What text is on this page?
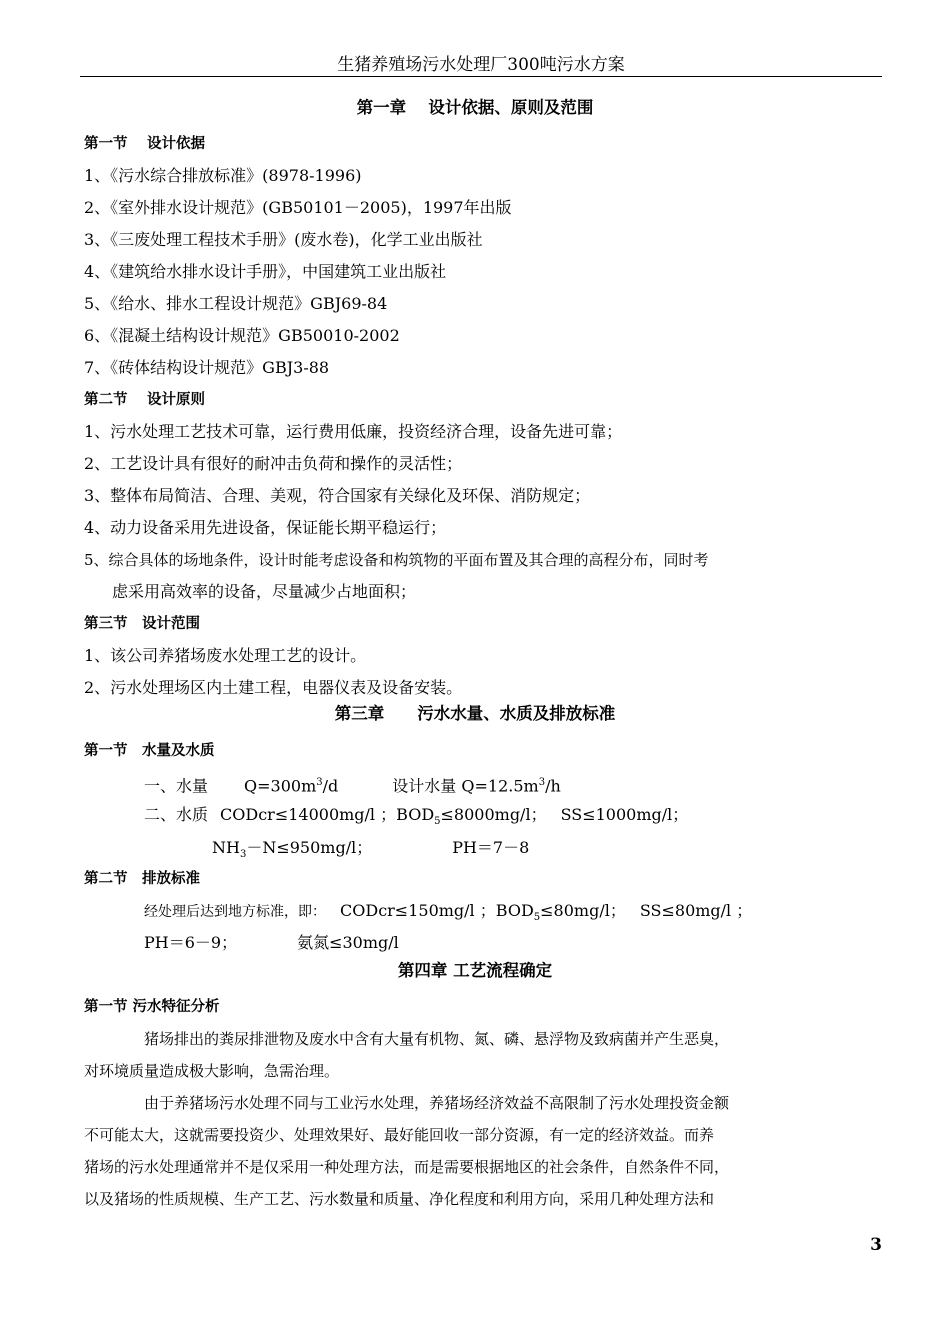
生猪养殖场污水处理厂300吨污水方案
第一章　 设计依据、原则及范围
第一节　 设计依据
1、《污水综合排放标准》(8978-1996)
2、《室外排水设计规范》(GB50101－2005)，1997年出版
3、《三废处理工程技术手册》(废水卷)，化学工业出版社
4、《建筑给水排水设计手册》，中国建筑工业出版社
5、《给水、排水工程设计规范》GBJ69-84
6、《混凝土结构设计规范》GB50010-2002
7、《砖体结构设计规范》GBJ3-88
第二节　 设计原则
1、污水处理工艺技术可靠，运行费用低廉，投资经济合理，设备先进可靠；
2、工艺设计具有很好的耐冲击负荷和操作的灵活性；
3、整体布局简洁、合理、美观，符合国家有关绿化及环保、消防规定；
4、动力设备采用先进设备，保证能长期平稳运行；
5、综合具体的场地条件，设计时能考虑设备和构筑物的平面布置及其合理的高程分布，同时考
虑采用高效率的设备，尽量减少占地面积；
第三节　设计范围
1、该公司养猪场废水处理工艺的设计。
2、污水处理场区内土建工程，电器仪表及设备安装。
第三章　　污水水量、水质及排放标准
第一节　水量及水质
一、水量 $Q=300m^3/d$	设计水量 $Q=12.5m^3/h$
二、水质 CODcr≤14000mg/l ；$BOD_5\le 8000mg/l$； SS≤1000mg/l；
$NH_3-N\le 950mg/l$；	PH＝7－8
第二节　排放标准
经处理后达到地方标准，即： CODcr≤150mg/l ；$BOD_5\le 80mg/l$； SS≤80mg/l ；
PH＝6－9；	氨氮≤30mg/l
第四章 工艺流程确定
第一节 污水特征分析
猪场排出的粪尿排泄物及废水中含有大量有机物、氮、磷、悬浮物及致病菌并产生恶臭，
对环境质量造成极大影响，急需治理。
由于养猪场污水处理不同与工业污水处理，养猪场经济效益不高限制了污水处理投资金额
不可能太大，这就需要投资少、处理效果好、最好能回收一部分资源，有一定的经济效益。而养
猪场的污水处理通常并不是仅采用一种处理方法，而是需要根据地区的社会条件，自然条件不同，
以及猪场的性质规模、生产工艺、污水数量和质量、净化程度和利用方向，采用几种处理方法和
3
